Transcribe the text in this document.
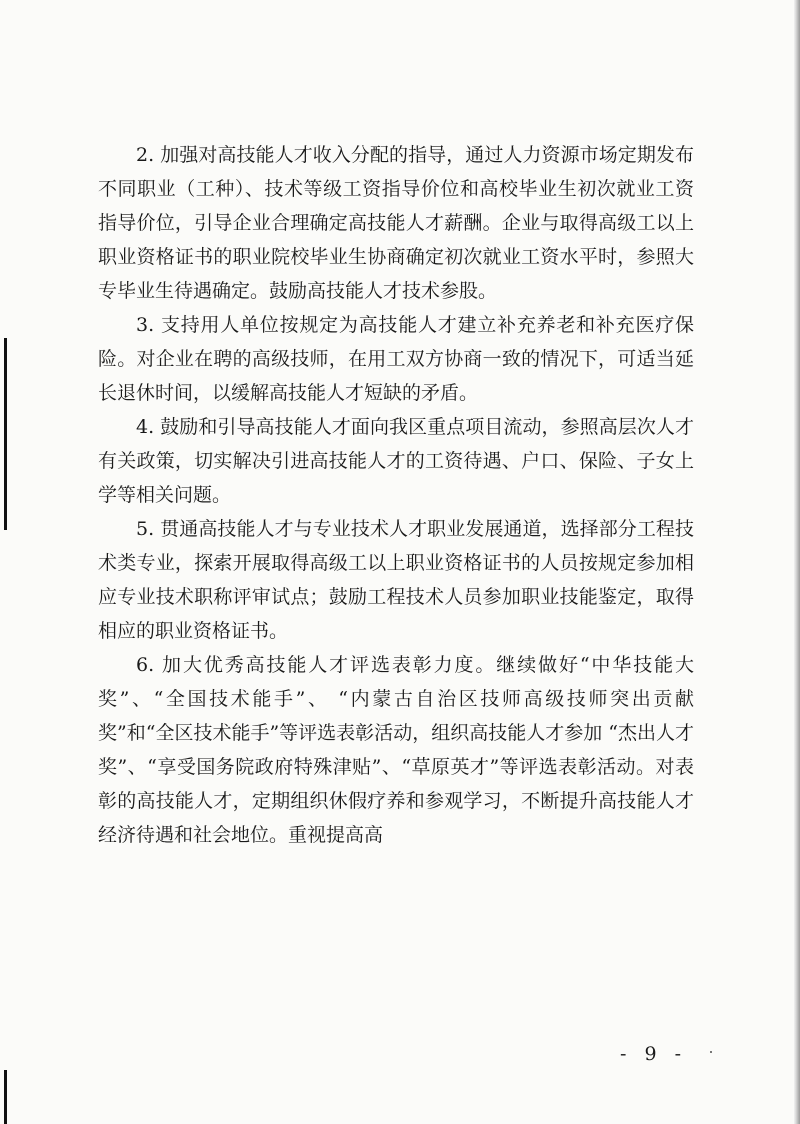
2. 加强对高技能人才收入分配的指导，通过人力资源市场定期发布不同职业（工种）、技术等级工资指导价位和高校毕业生初次就业工资指导价位，引导企业合理确定高技能人才薪酬。企业与取得高级工以上职业资格证书的职业院校毕业生协商确定初次就业工资水平时，参照大专毕业生待遇确定。鼓励高技能人才技术参股。

3. 支持用人单位按规定为高技能人才建立补充养老和补充医疗保险。对企业在聘的高级技师，在用工双方协商一致的情况下，可适当延长退休时间，以缓解高技能人才短缺的矛盾。

4. 鼓励和引导高技能人才面向我区重点项目流动，参照高层次人才有关政策，切实解决引进高技能人才的工资待遇、户口、保险、子女上学等相关问题。

5. 贯通高技能人才与专业技术人才职业发展通道，选择部分工程技术类专业，探索开展取得高级工以上职业资格证书的人员按规定参加相应专业技术职称评审试点；鼓励工程技术人员参加职业技能鉴定，取得相应的职业资格证书。

6. 加大优秀高技能人才评选表彰力度。继续做好“中华技能大奖”、“全国技术能手”、 “内蒙古自治区技师高级技师突出贡献奖”和“全区技术能手”等评选表彰活动，组织高技能人才参加 “杰出人才奖”、“享受国务院政府特殊津贴”、“草原英才”等评选表彰活动。对表彰的高技能人才，定期组织休假疗养和参观学习，不断提升高技能人才经济待遇和社会地位。重视提高高

- 9 -
